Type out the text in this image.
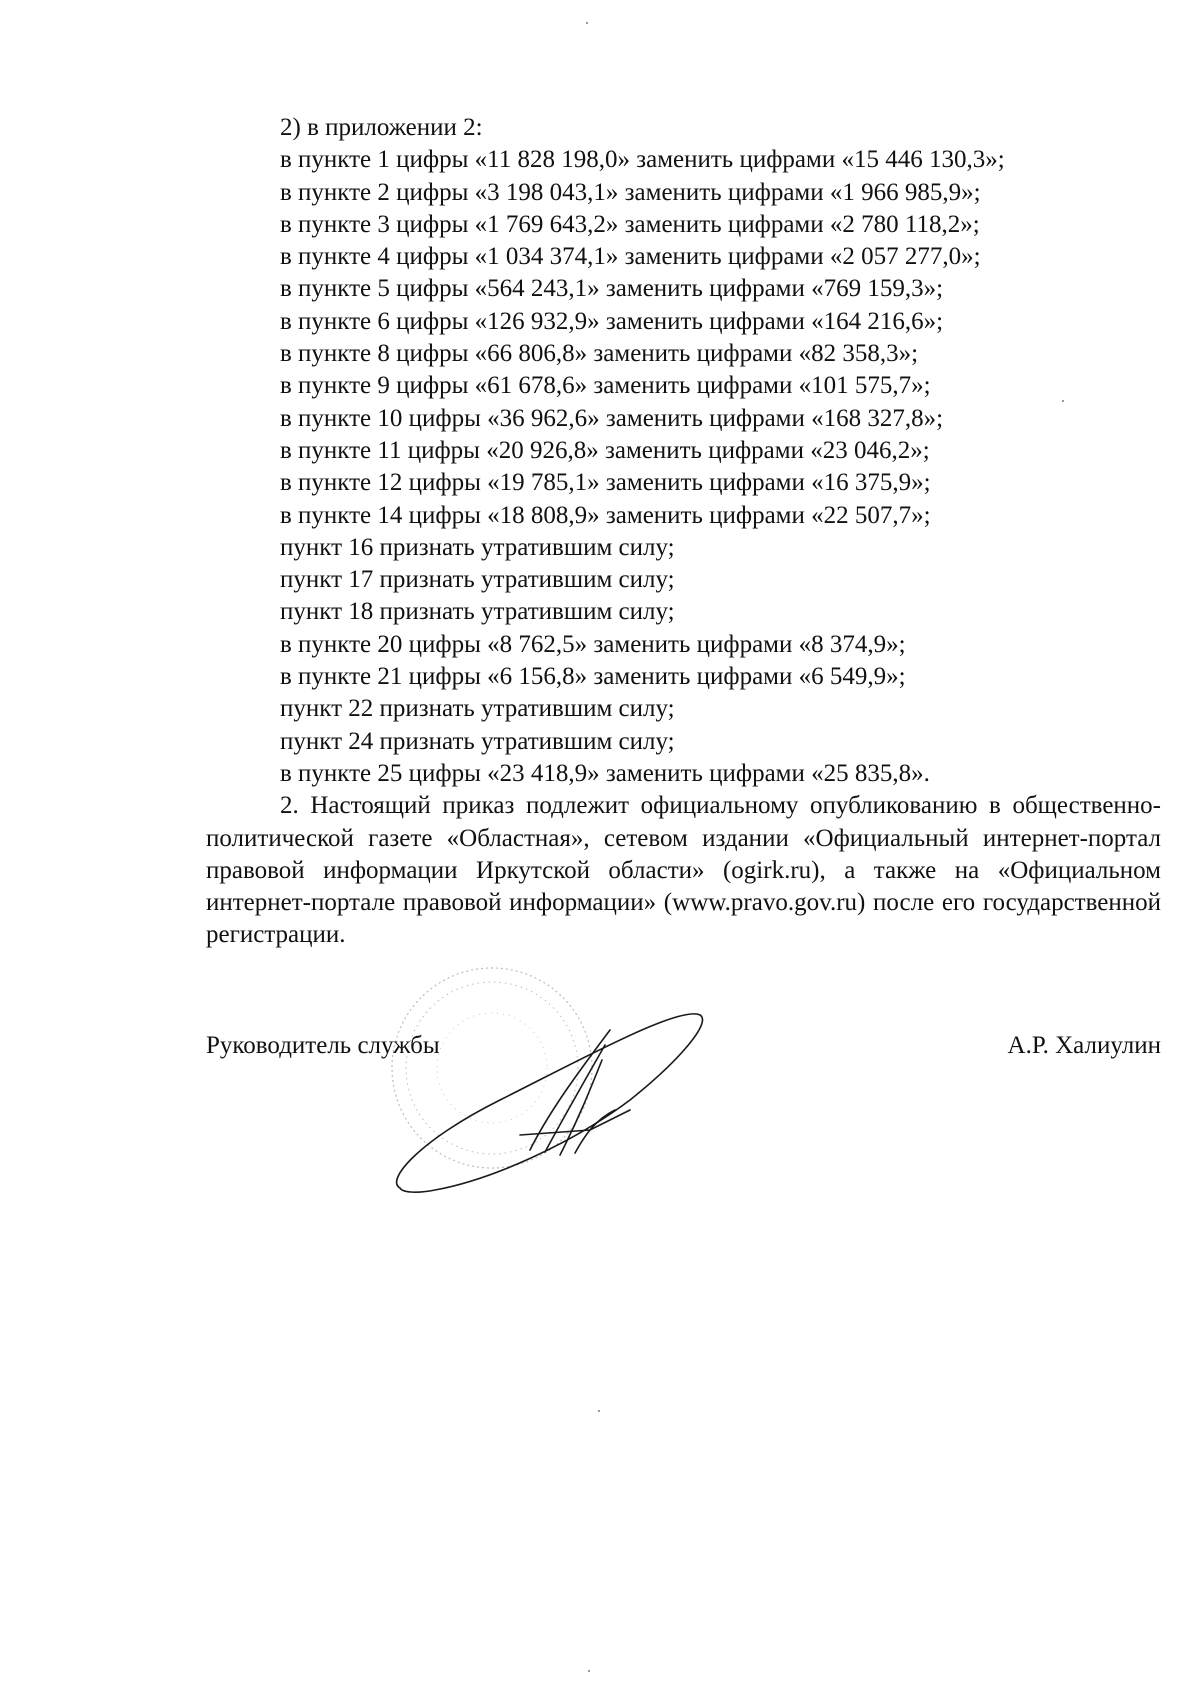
2) в приложении 2:
в пункте 1 цифры «11 828 198,0» заменить цифрами «15 446 130,3»;
в пункте 2 цифры «3 198 043,1» заменить цифрами «1 966 985,9»;
в пункте 3 цифры «1 769 643,2» заменить цифрами «2 780 118,2»;
в пункте 4 цифры «1 034 374,1» заменить цифрами «2 057 277,0»;
в пункте 5 цифры «564 243,1» заменить цифрами «769 159,3»;
в пункте 6 цифры «126 932,9» заменить цифрами «164 216,6»;
в пункте 8 цифры «66 806,8» заменить цифрами «82 358,3»;
в пункте 9 цифры «61 678,6» заменить цифрами «101 575,7»;
в пункте 10 цифры «36 962,6» заменить цифрами «168 327,8»;
в пункте 11 цифры «20 926,8» заменить цифрами «23 046,2»;
в пункте 12 цифры «19 785,1» заменить цифрами «16 375,9»;
в пункте 14 цифры «18 808,9» заменить цифрами «22 507,7»;
пункт 16 признать утратившим силу;
пункт 17 признать утратившим силу;
пункт 18 признать утратившим силу;
в пункте 20 цифры «8 762,5» заменить цифрами «8 374,9»;
в пункте 21 цифры «6 156,8» заменить цифрами «6 549,9»;
пункт 22 признать утратившим силу;
пункт 24 признать утратившим силу;
в пункте 25 цифры «23 418,9» заменить цифрами «25 835,8».

2. Настоящий приказ подлежит официальному опубликованию в общественно-политической газете «Областная», сетевом издании «Официальный интернет-портал правовой информации Иркутской области» (ogirk.ru), а также на «Официальном интернет-портале правовой информации» (www.pravo.gov.ru) после его государственной регистрации.

Руководитель службы	А.Р. Халиулин
